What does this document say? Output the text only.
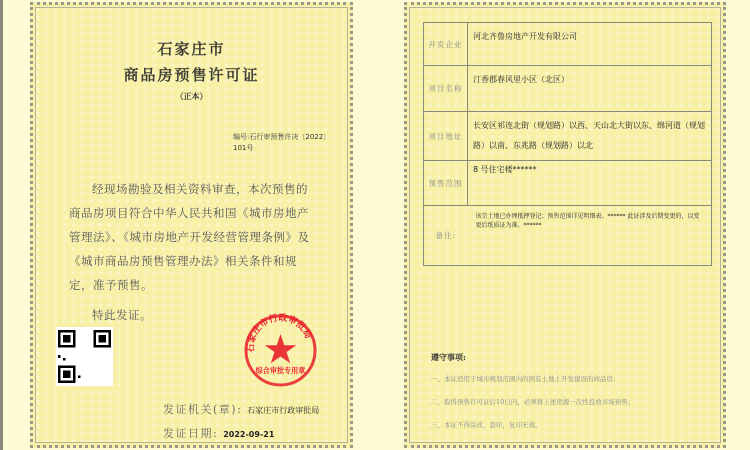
石家庄市
商品房预售许可证
（正本）
编号:石行审预售许决〔2022〕101号

经现场勘验及相关资料审查，本次预售的商品房项目符合中华人民共和国《城市房地产管理法》、《城市房地产开发经营管理条例》及《城市商品房预售管理办法》相关条件和规定，准予预售。

特此发证。

石家庄市行政审批局
综合审批专用章
发证机关(章): 石家庄市行政审批局
发证日期: 2022-09-21
开发企业	河北齐鲁房地产开发有限公司
项目名称	汀香郡春风里小区（北区）
项目地址	长安区祁连北街（规划路）以西、天山北大街以东、绵河道（规划路）以南、东兆路（规划路）以北
预售范围	8 号住宅楼******
备注:	该宗土地已办理抵押登记；预售范围详见明细表。****** 此证涉及后期变更的，以变更后纸质证为准。******
遵守事项:
一、本证适用于城市规划范围内的国有土地上开发建设的商品房；
二、取得预售许可证后10日内，必须将上述房源一次性投放市场预售；
三、本证不得涂改、套印，复印无效。
